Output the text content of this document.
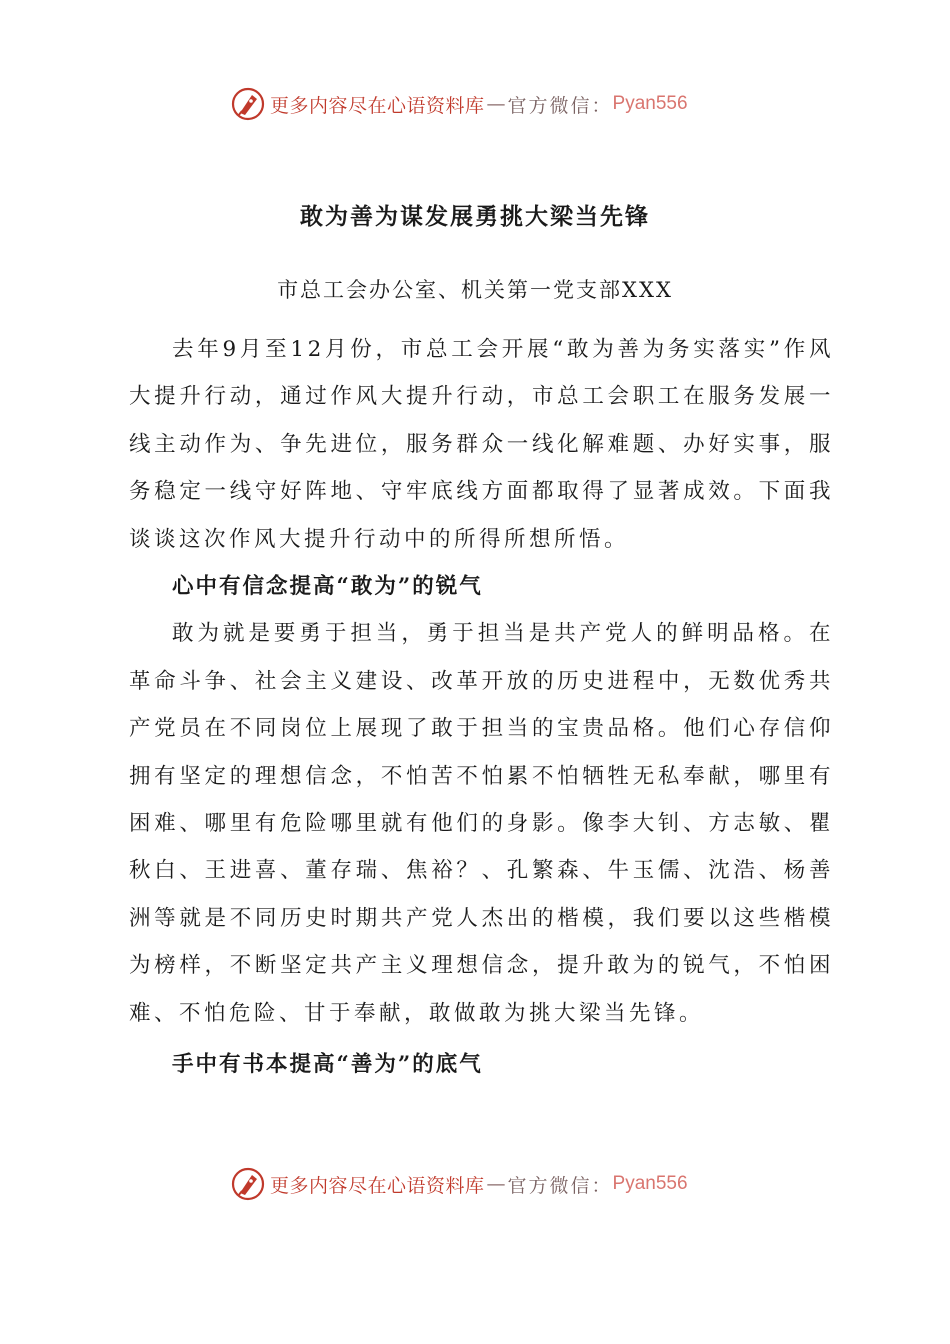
更多内容尽在心语资料库 — 官方微信： Pyan556
敢为善为谋发展勇挑大梁当先锋
市总工会办公室、机关第一党支部XXX

去年9月至12月份，市总工会开展“敢为善为务实落实”作风大提升行动，通过作风大提升行动，市总工会职工在服务发展一线主动作为、争先进位，服务群众一线化解难题、办好实事，服务稳定一线守好阵地、守牢底线方面都取得了显著成效。下面我谈谈这次作风大提升行动中的所得所想所悟。

心中有信念提高“敢为”的锐气

敢为就是要勇于担当，勇于担当是共产党人的鲜明品格。在革命斗争、社会主义建设、改革开放的历史进程中，无数优秀共产党员在不同岗位上展现了敢于担当的宝贵品格。他们心存信仰拥有坚定的理想信念，不怕苦不怕累不怕牺牲无私奉献，哪里有困难、哪里有危险哪里就有他们的身影。像李大钊、方志敏、瞿秋白、王进喜、董存瑞、焦裕？、孔繁森、牛玉儒、沈浩、杨善洲等就是不同历史时期共产党人杰出的楷模，我们要以这些楷模为榜样，不断坚定共产主义理想信念，提升敢为的锐气，不怕困难、不怕危险、甘于奉献，敢做敢为挑大梁当先锋。

手中有书本提高“善为”的底气

更多内容尽在心语资料库 — 官方微信： Pyan556
